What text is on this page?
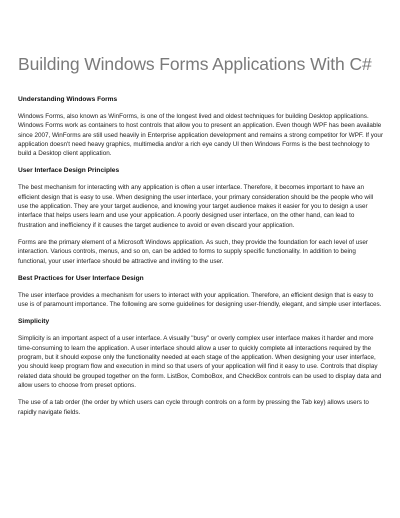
Building Windows Forms Applications With C#
Understanding Windows Forms

Windows Forms, also known as WinForms, is one of the longest lived and oldest techniques for building Desktop applications. Windows Forms work as containers to host controls that allow you to present an application. Even though WPF has been available since 2007, WinForms are still used heavily in Enterprise application development and remains a strong competitor for WPF. If your application doesn't need heavy graphics, multimedia and/or a rich eye candy UI then Windows Forms is the best technology to build a Desktop client application.

User Interface Design Principles

The best mechanism for interacting with any application is often a user interface. Therefore, it becomes important to have an efficient design that is easy to use. When designing the user interface, your primary consideration should be the people who will use the application. They are your target audience, and knowing your target audience makes it easier for you to design a user interface that helps users learn and use your application. A poorly designed user interface, on the other hand, can lead to frustration and inefficiency if it causes the target audience to avoid or even discard your application.

Forms are the primary element of a Microsoft Windows application. As such, they provide the foundation for each level of user interaction. Various controls, menus, and so on, can be added to forms to supply specific functionality. In addition to being functional, your user interface should be attractive and inviting to the user.

Best Practices for User Interface Design

The user interface provides a mechanism for users to interact with your application. Therefore, an efficient design that is easy to use is of paramount importance. The following are some guidelines for designing user-friendly, elegant, and simple user interfaces.

Simplicity

Simplicity is an important aspect of a user interface. A visually "busy" or overly complex user interface makes it harder and more time-consuming to learn the application. A user interface should allow a user to quickly complete all interactions required by the program, but it should expose only the functionality needed at each stage of the application. When designing your user interface, you should keep program flow and execution in mind so that users of your application will find it easy to use. Controls that display related data should be grouped together on the form. ListBox, ComboBox, and CheckBox controls can be used to display data and allow users to choose from preset options.

The use of a tab order (the order by which users can cycle through controls on a form by pressing the Tab key) allows users to rapidly navigate fields.
